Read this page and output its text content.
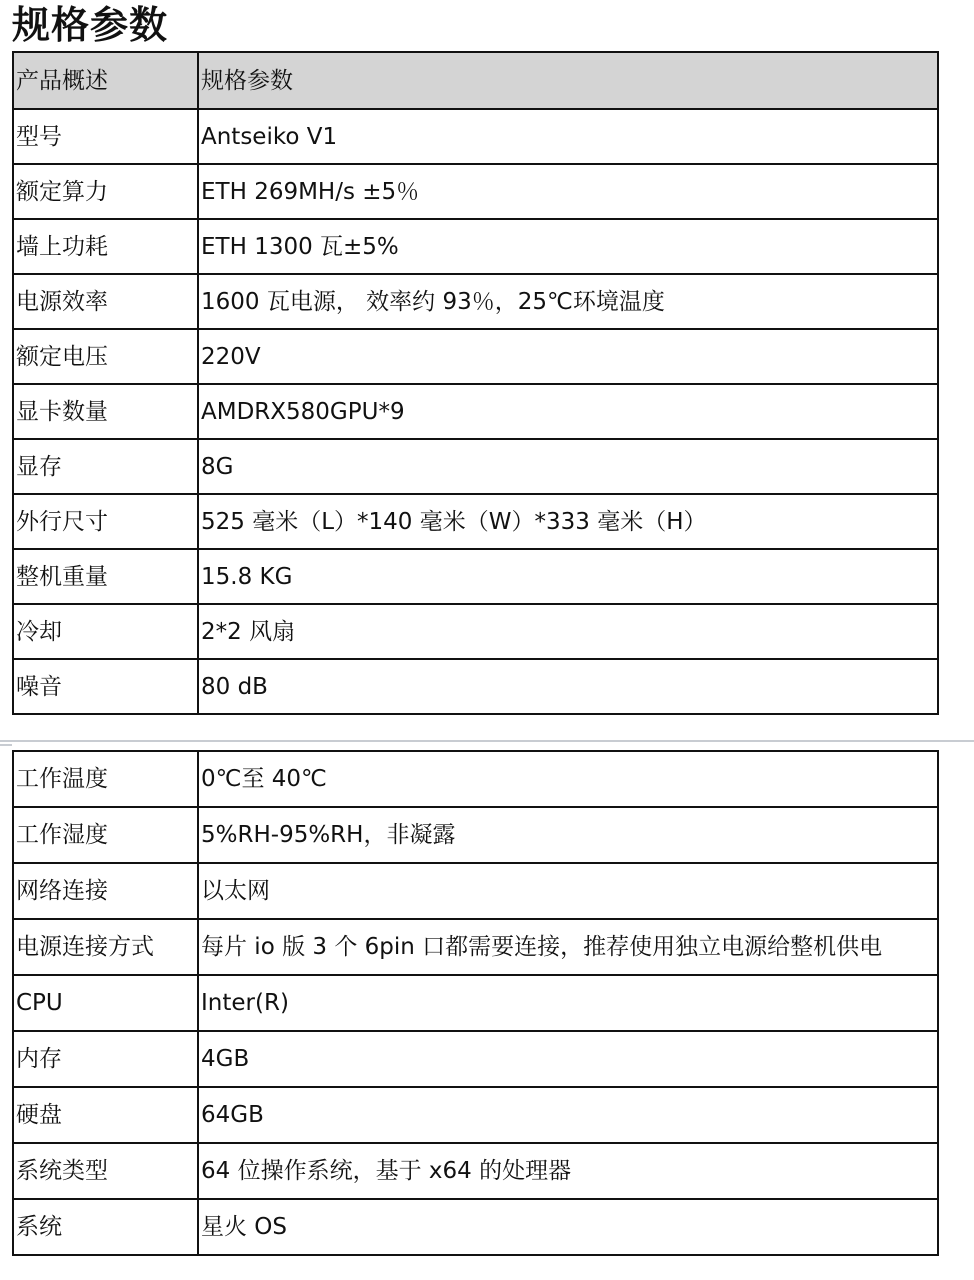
规格参数
产品概述	规格参数
型号	Antseiko V1
额定算力	ETH 269MH/s ±5％
墙上功耗	ETH 1300 瓦±5%
电源效率	1600 瓦电源， 效率约 93％，25℃环境温度
额定电压	220V
显卡数量	AMDRX580GPU*9
显存	8G
外行尺寸	525 毫米（L）*140 毫米（W）*333 毫米（H）
整机重量	15.8 KG
冷却	2*2 风扇
噪音	80 dB
工作温度	0℃至 40℃
工作湿度	5%RH-95%RH，非凝露
网络连接	以太网
电源连接方式	每片 io 版 3 个 6pin 口都需要连接，推荐使用独立电源给整机供电
CPU	Inter(R)
内存	4GB
硬盘	64GB
系统类型	64 位操作系统，基于 x64 的处理器
系统	星火 OS
